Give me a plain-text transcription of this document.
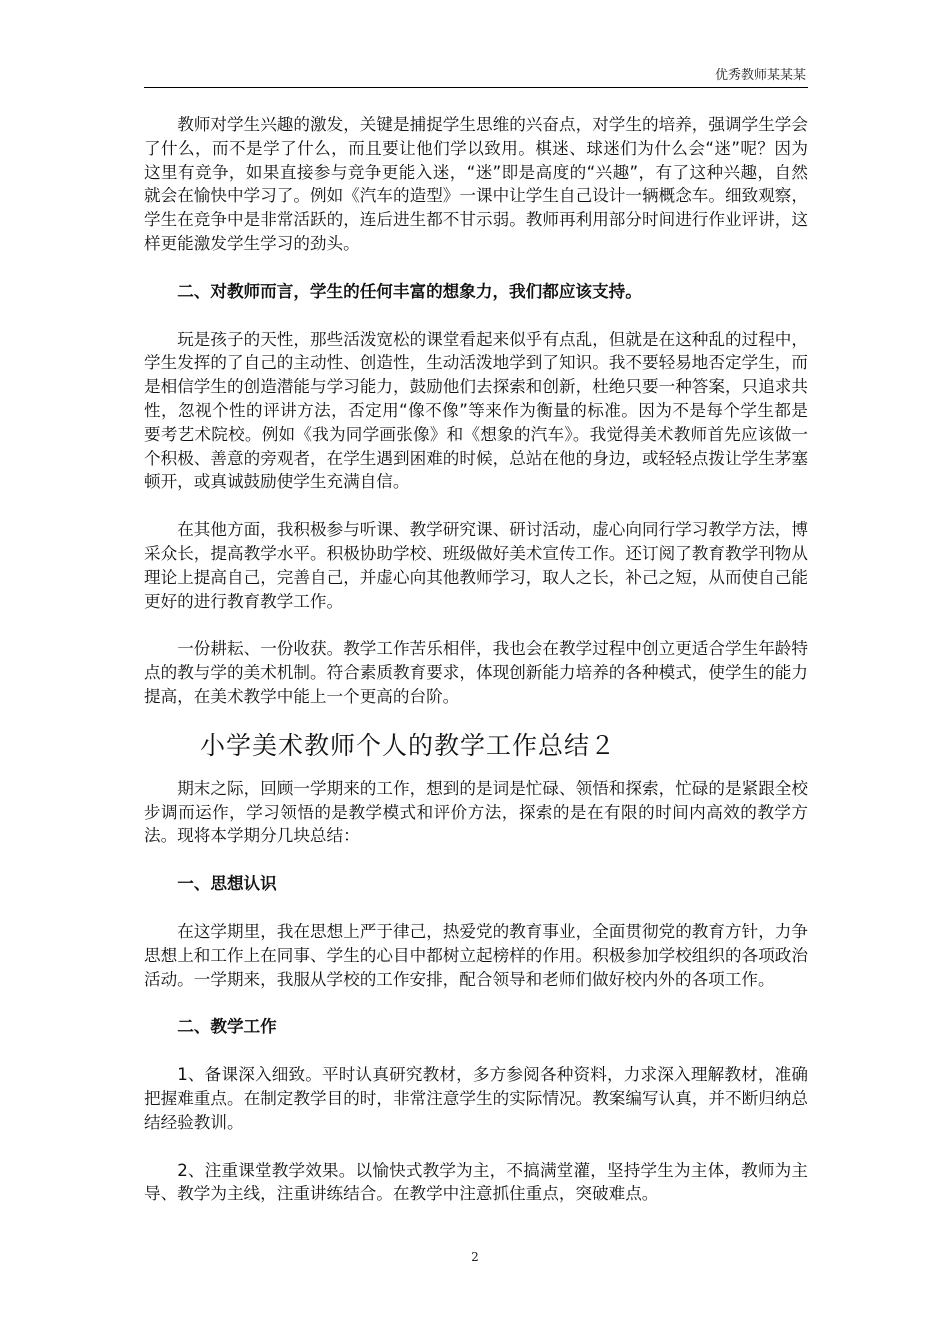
优秀教师某某某

教师对学生兴趣的激发，关键是捕捉学生思维的兴奋点，对学生的培养，强调学生学会了什么，而不是学了什么，而且要让他们学以致用。棋迷、球迷们为什么会“迷”呢？因为这里有竞争，如果直接参与竞争更能入迷，“迷”即是高度的“兴趣”，有了这种兴趣，自然就会在愉快中学习了。例如《汽车的造型》一课中让学生自己设计一辆概念车。细致观察，学生在竞争中是非常活跃的，连后进生都不甘示弱。教师再利用部分时间进行作业评讲，这样更能激发学生学习的劲头。

二、对教师而言，学生的任何丰富的想象力，我们都应该支持。

玩是孩子的天性，那些活泼宽松的课堂看起来似乎有点乱，但就是在这种乱的过程中，学生发挥的了自己的主动性、创造性，生动活泼地学到了知识。我不要轻易地否定学生，而是相信学生的创造潜能与学习能力，鼓励他们去探索和创新，杜绝只要一种答案，只追求共性，忽视个性的评讲方法，否定用“像不像”等来作为衡量的标准。因为不是每个学生都是要考艺术院校。例如《我为同学画张像》和《想象的汽车》。我觉得美术教师首先应该做一个积极、善意的旁观者，在学生遇到困难的时候，总站在他的身边，或轻轻点拨让学生茅塞顿开，或真诚鼓励使学生充满自信。

在其他方面，我积极参与听课、教学研究课、研讨活动，虚心向同行学习教学方法，博采众长，提高教学水平。积极协助学校、班级做好美术宣传工作。还订阅了教育教学刊物从理论上提高自己，完善自己，并虚心向其他教师学习，取人之长，补己之短，从而使自己能更好的进行教育教学工作。

一份耕耘、一份收获。教学工作苦乐相伴，我也会在教学过程中创立更适合学生年龄特点的教与学的美术机制。符合素质教育要求，体现创新能力培养的各种模式，使学生的能力提高，在美术教学中能上一个更高的台阶。

小学美术教师个人的教学工作总结２

期末之际，回顾一学期来的工作，想到的是词是忙碌、领悟和探索，忙碌的是紧跟全校步调而运作，学习领悟的是教学模式和评价方法，探索的是在有限的时间内高效的教学方法。现将本学期分几块总结：

一、思想认识

在这学期里，我在思想上严于律己，热爱党的教育事业，全面贯彻党的教育方针，力争思想上和工作上在同事、学生的心目中都树立起榜样的作用。积极参加学校组织的各项政治活动。一学期来，我服从学校的工作安排，配合领导和老师们做好校内外的各项工作。

二、教学工作

1、备课深入细致。平时认真研究教材，多方参阅各种资料，力求深入理解教材，准确把握难重点。在制定教学目的时，非常注意学生的实际情况。教案编写认真，并不断归纳总结经验教训。

2、注重课堂教学效果。以愉快式教学为主，不搞满堂灌，坚持学生为主体，教师为主导、教学为主线，注重讲练结合。在教学中注意抓住重点，突破难点。

2
